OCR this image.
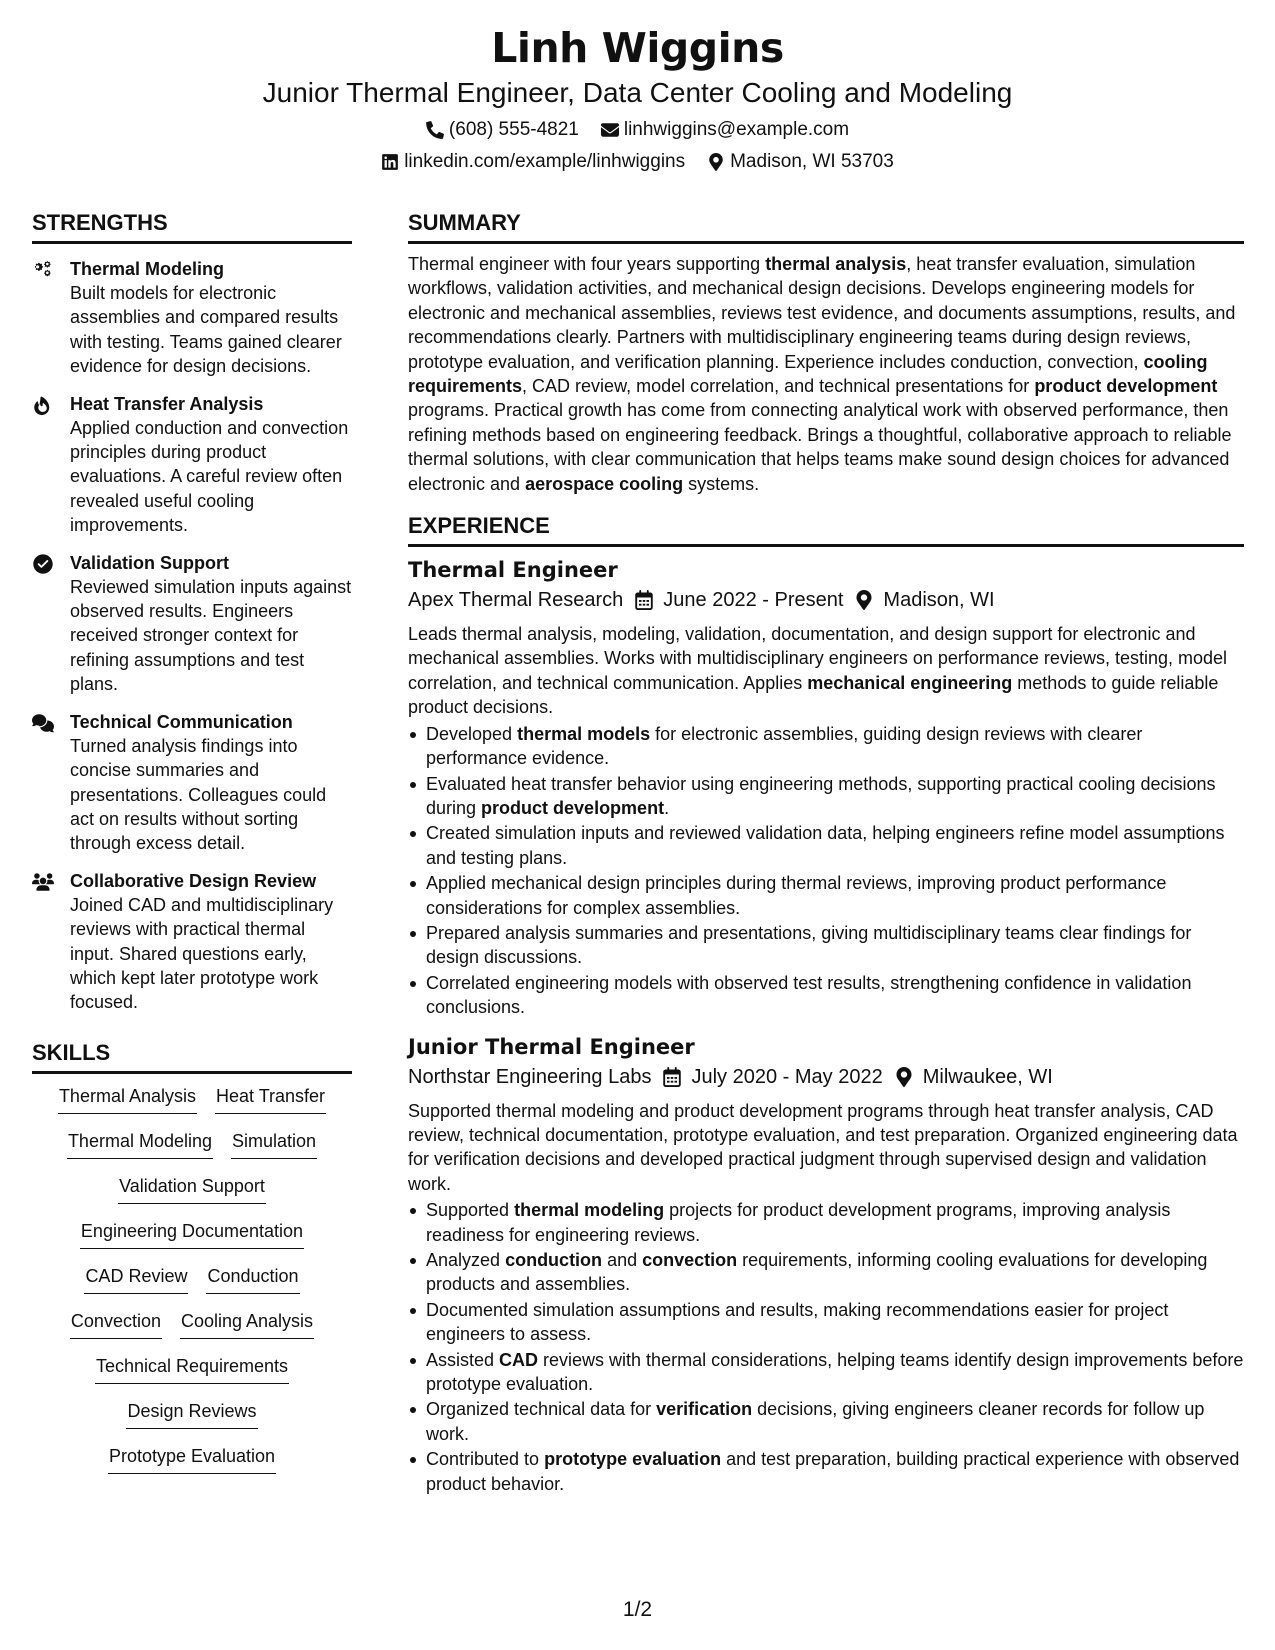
Linh Wiggins
Junior Thermal Engineer, Data Center Cooling and Modeling
(608) 555-4821 linhwiggins@example.com
linkedin.com/example/linhwiggins Madison, WI 53703
STRENGTHS
Thermal Modeling
Built models for electronic assemblies and compared results with testing. Teams gained clearer evidence for design decisions.
Heat Transfer Analysis
Applied conduction and convection principles during product evaluations. A careful review often revealed useful cooling improvements.
Validation Support
Reviewed simulation inputs against observed results. Engineers received stronger context for refining assumptions and test plans.
Technical Communication
Turned analysis findings into concise summaries and presentations. Colleagues could act on results without sorting through excess detail.
Collaborative Design Review
Joined CAD and multidisciplinary reviews with practical thermal input. Shared questions early, which kept later prototype work focused.
SKILLS
Thermal Analysis Heat Transfer
Thermal Modeling Simulation
Validation Support
Engineering Documentation
CAD Review Conduction
Convection Cooling Analysis
Technical Requirements
Design Reviews
Prototype Evaluation
SUMMARY
Thermal engineer with four years supporting thermal analysis, heat transfer evaluation, simulation workflows, validation activities, and mechanical design decisions. Develops engineering models for electronic and mechanical assemblies, reviews test evidence, and documents assumptions, results, and recommendations clearly. Partners with multidisciplinary engineering teams during design reviews, prototype evaluation, and verification planning. Experience includes conduction, convection, cooling requirements, CAD review, model correlation, and technical presentations for product development programs. Practical growth has come from connecting analytical work with observed performance, then refining methods based on engineering feedback. Brings a thoughtful, collaborative approach to reliable thermal solutions, with clear communication that helps teams make sound design choices for advanced electronic and aerospace cooling systems.
EXPERIENCE
Thermal Engineer
Apex Thermal Research June 2022 - Present Madison, WI
Leads thermal analysis, modeling, validation, documentation, and design support for electronic and mechanical assemblies. Works with multidisciplinary engineers on performance reviews, testing, model correlation, and technical communication. Applies mechanical engineering methods to guide reliable product decisions.
Developed thermal models for electronic assemblies, guiding design reviews with clearer performance evidence.
Evaluated heat transfer behavior using engineering methods, supporting practical cooling decisions during product development.
Created simulation inputs and reviewed validation data, helping engineers refine model assumptions and testing plans.
Applied mechanical design principles during thermal reviews, improving product performance considerations for complex assemblies.
Prepared analysis summaries and presentations, giving multidisciplinary teams clear findings for design discussions.
Correlated engineering models with observed test results, strengthening confidence in validation conclusions.
Junior Thermal Engineer
Northstar Engineering Labs July 2020 - May 2022 Milwaukee, WI
Supported thermal modeling and product development programs through heat transfer analysis, CAD review, technical documentation, prototype evaluation, and test preparation. Organized engineering data for verification decisions and developed practical judgment through supervised design and validation work.
Supported thermal modeling projects for product development programs, improving analysis readiness for engineering reviews.
Analyzed conduction and convection requirements, informing cooling evaluations for developing products and assemblies.
Documented simulation assumptions and results, making recommendations easier for project engineers to assess.
Assisted CAD reviews with thermal considerations, helping teams identify design improvements before prototype evaluation.
Organized technical data for verification decisions, giving engineers cleaner records for follow up work.
Contributed to prototype evaluation and test preparation, building practical experience with observed product behavior.
1/2
